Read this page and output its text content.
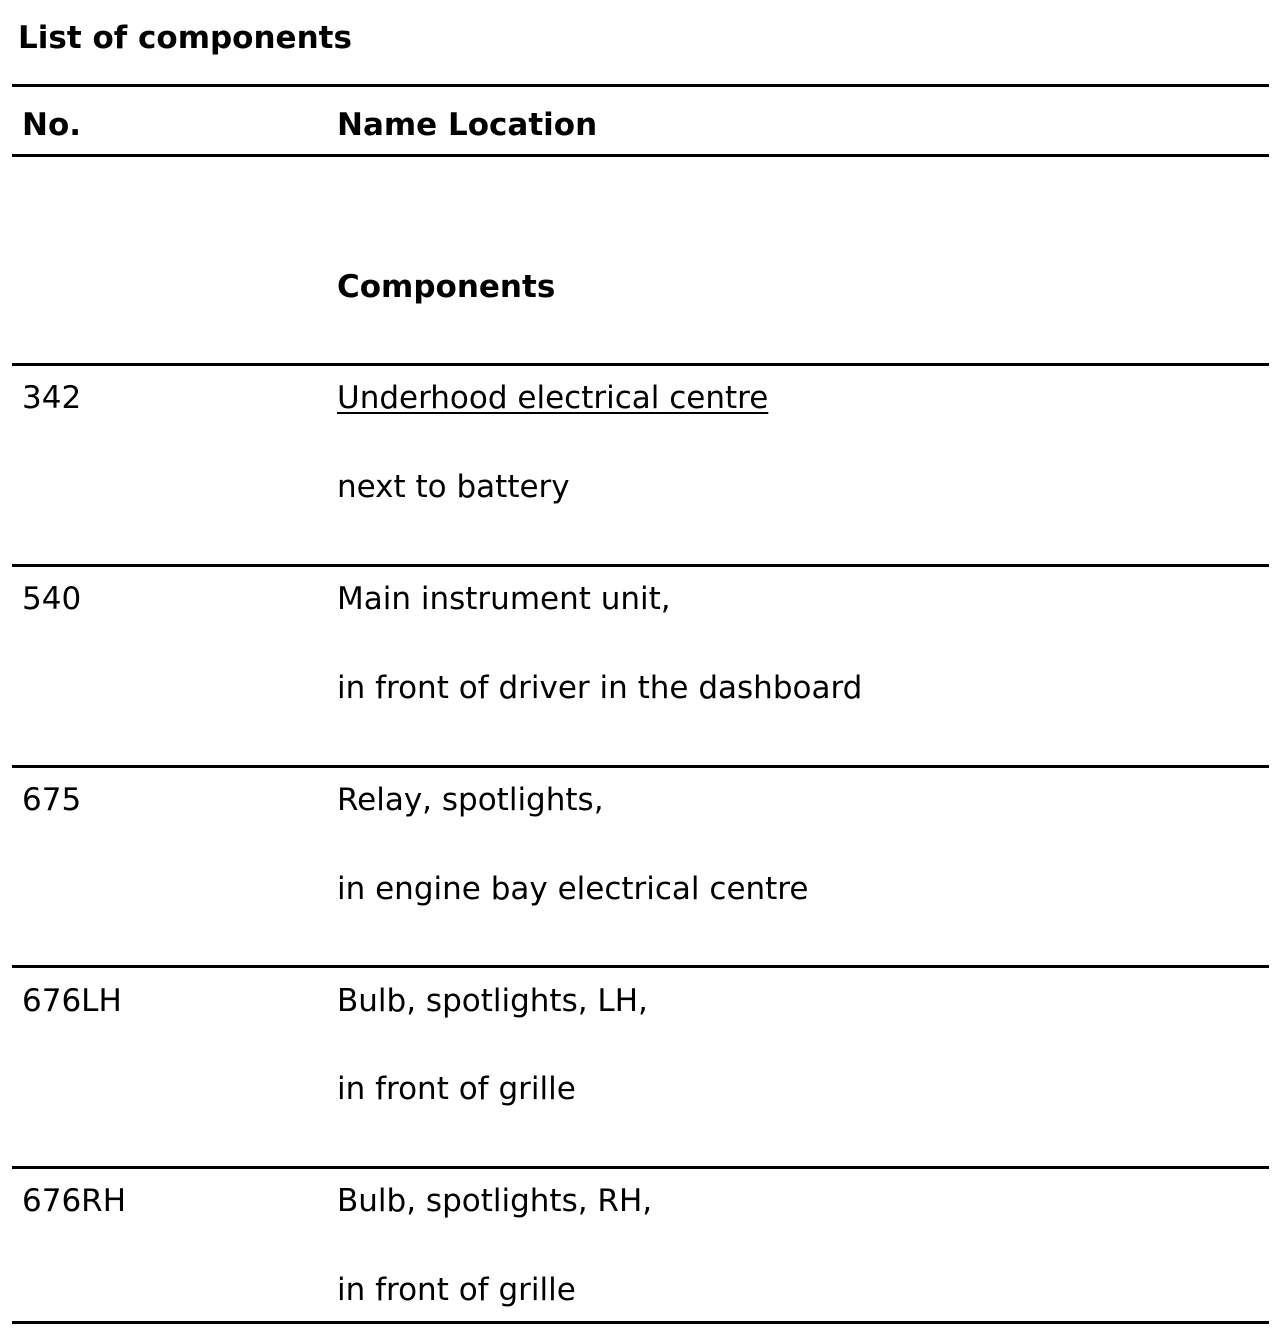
List of components
No.	Name Location
Components
342	Underhood electrical centre
next to battery
540	Main instrument unit,
in front of driver in the dashboard
675	Relay, spotlights,
in engine bay electrical centre
676LH	Bulb, spotlights, LH,
in front of grille
676RH	Bulb, spotlights, RH,
in front of grille
